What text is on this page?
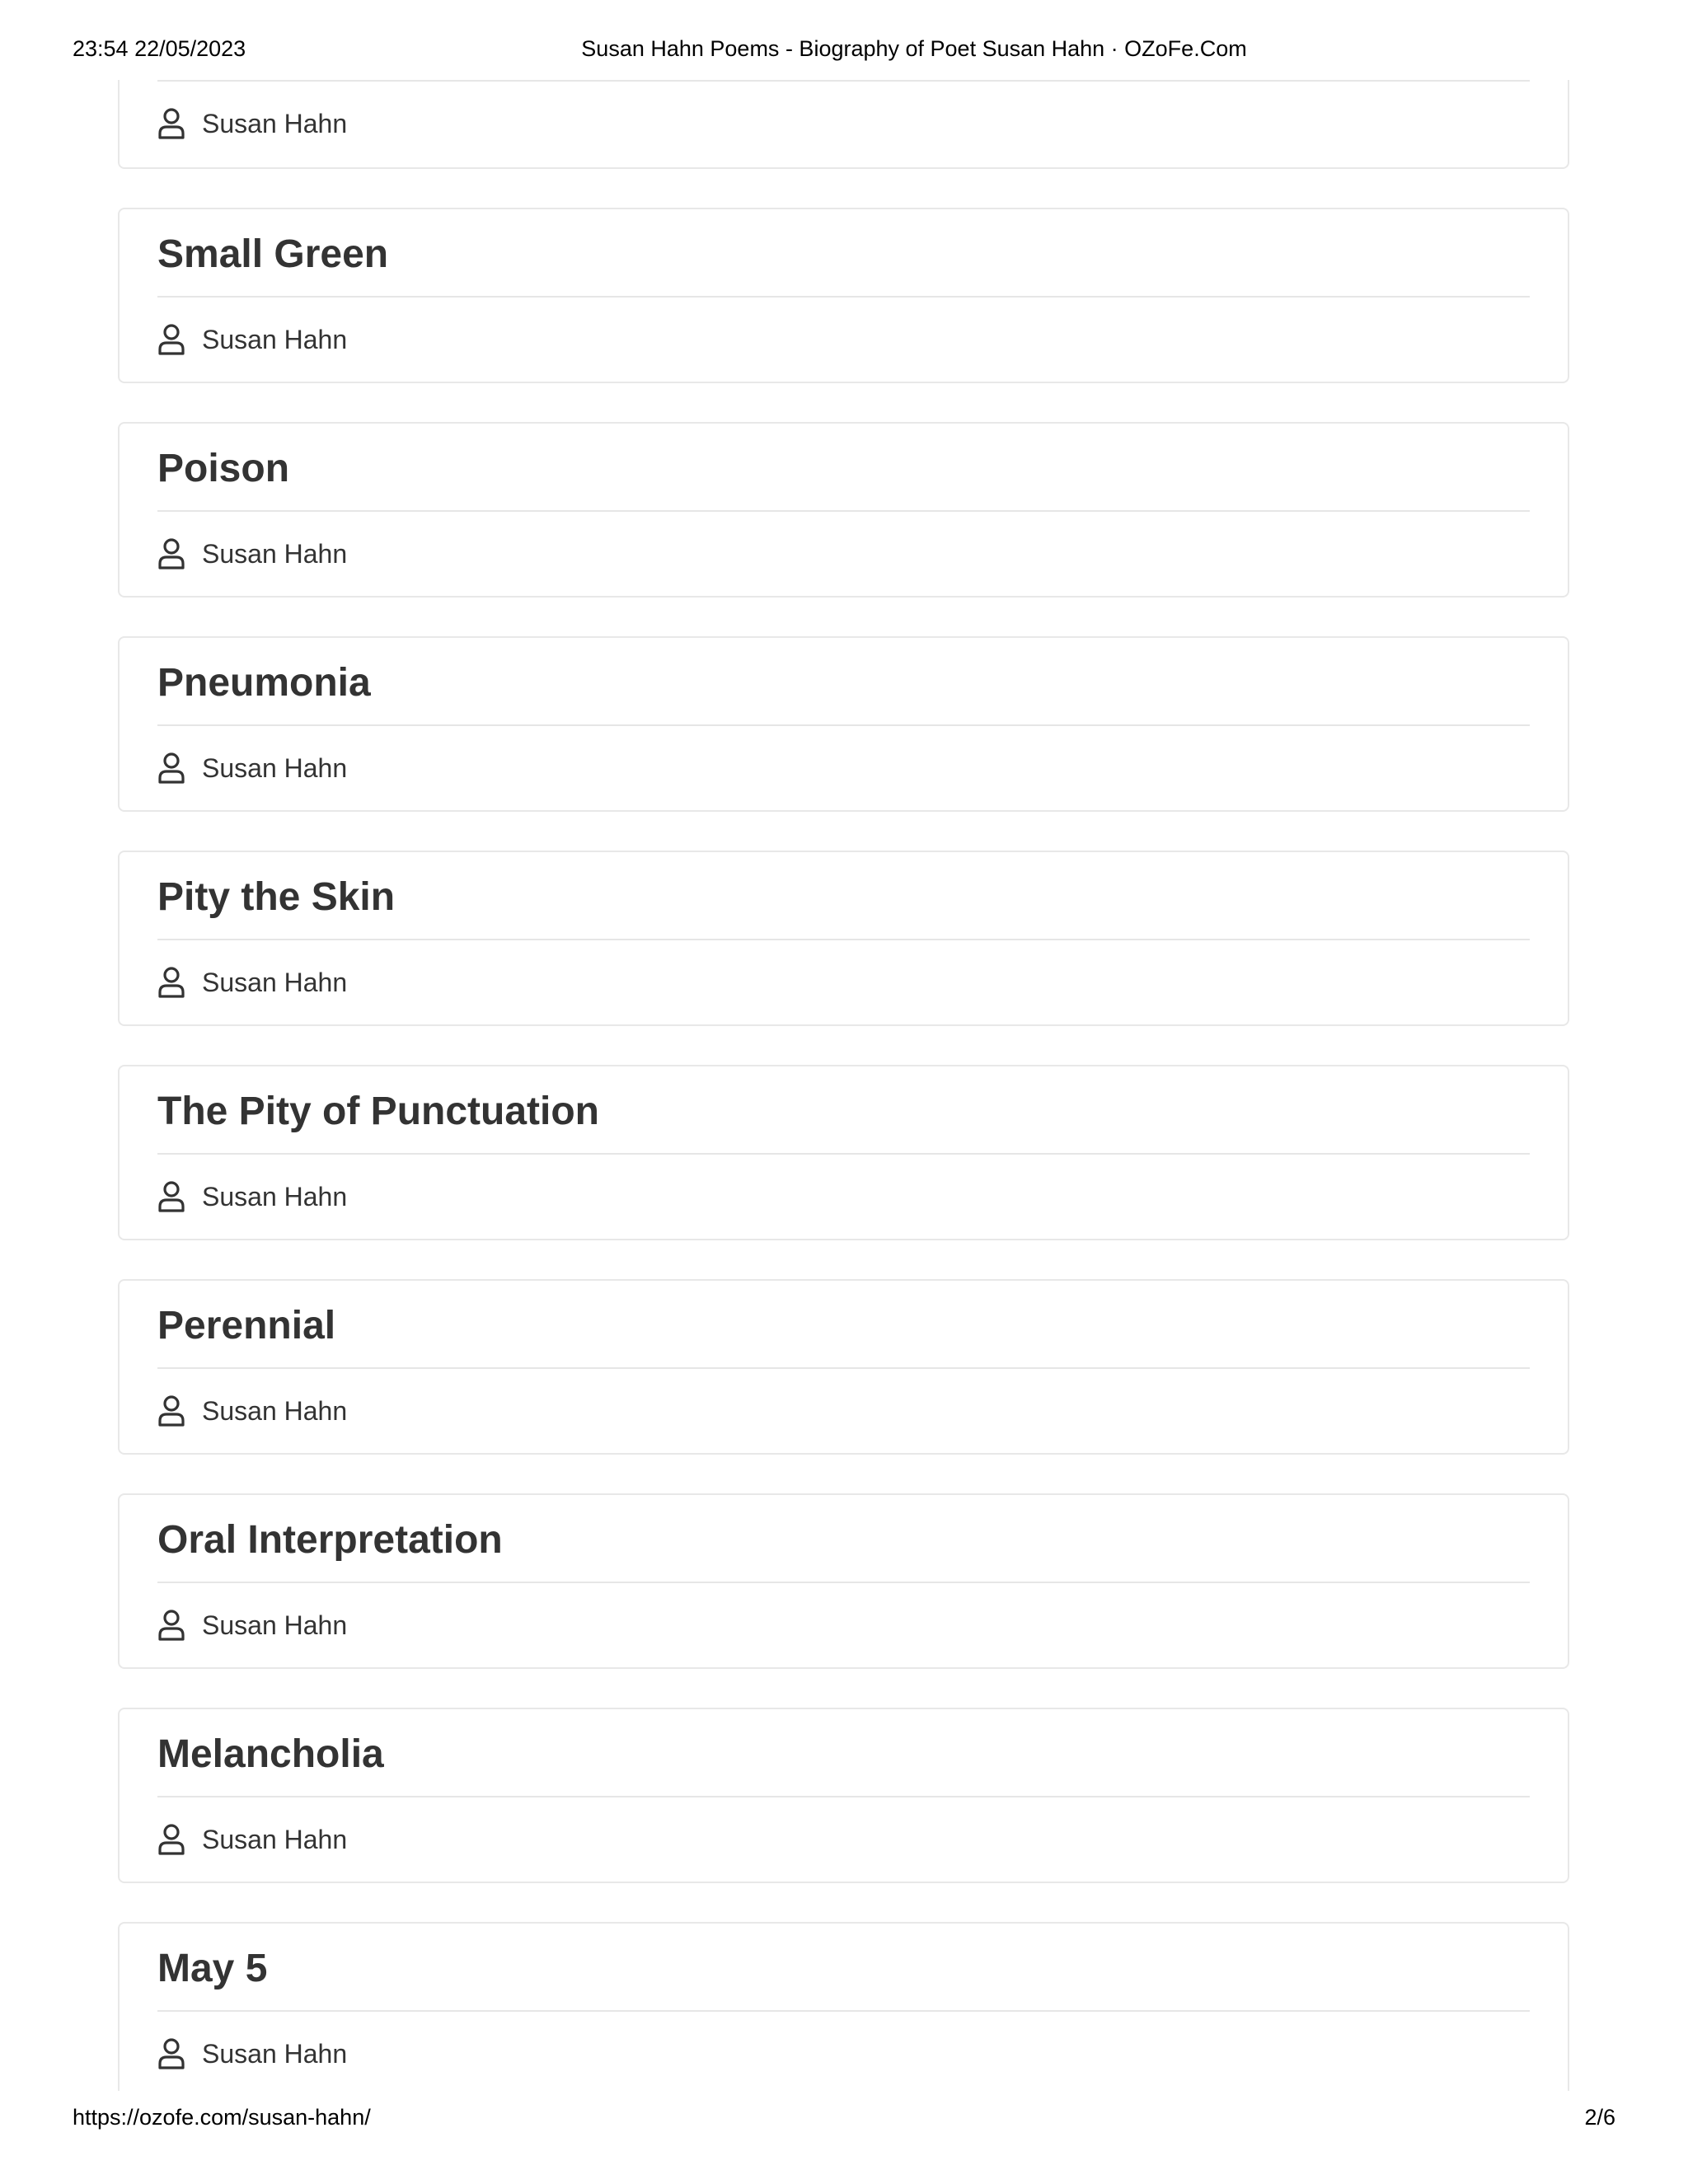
23:54 22/05/2023	Susan Hahn Poems - Biography of Poet Susan Hahn · OZoFe.Com
Susan Hahn
Small Green
Susan Hahn
Poison
Susan Hahn
Pneumonia
Susan Hahn
Pity the Skin
Susan Hahn
The Pity of Punctuation
Susan Hahn
Perennial
Susan Hahn
Oral Interpretation
Susan Hahn
Melancholia
Susan Hahn
May 5
Susan Hahn
https://ozofe.com/susan-hahn/	2/6
